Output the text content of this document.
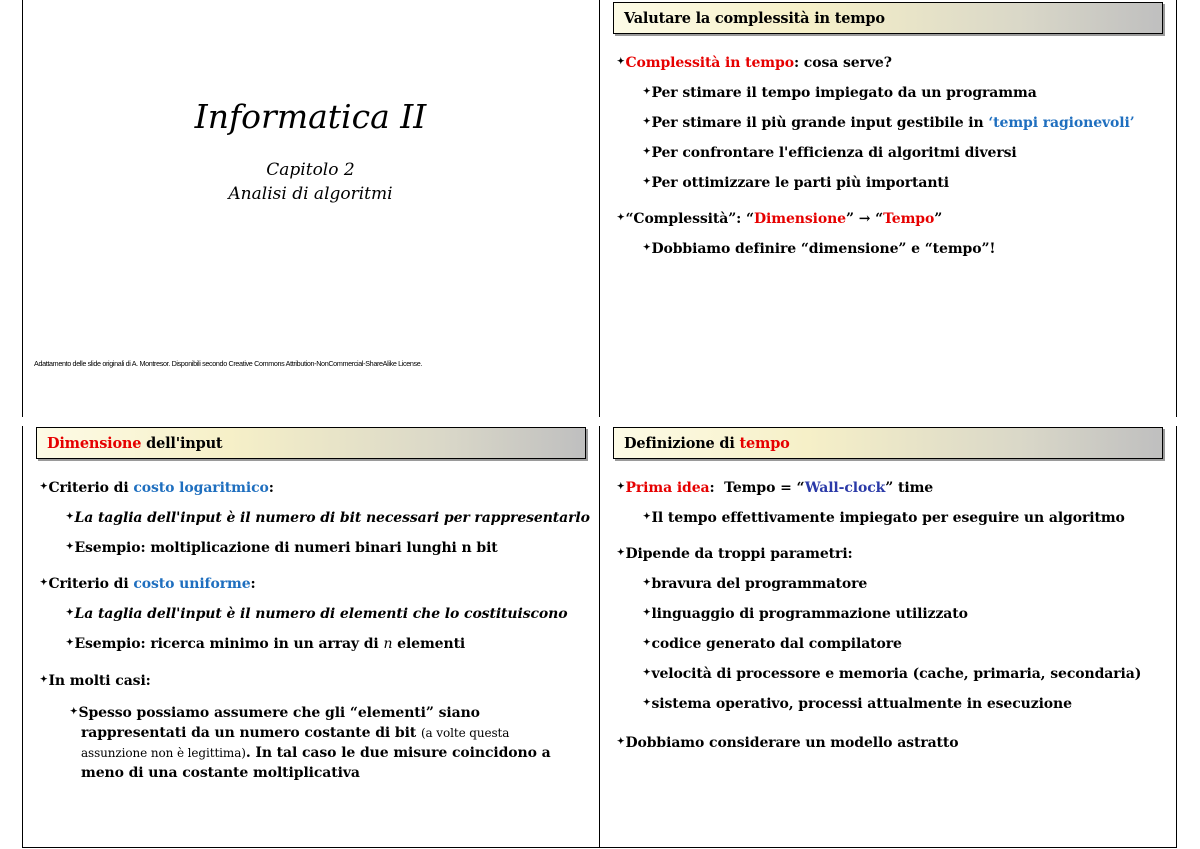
Informatica II
Capitolo 2
Analisi di algoritmi
Adattamento delle slide originali di A. Montresor. Disponibili secondo Creative Commons Attribution-NonCommercial-ShareAlike License.
Valutare la complessità in tempo
✦Complessità in tempo: cosa serve?
✦Per stimare il tempo impiegato da un programma
✦Per stimare il più grande input gestibile in ‘tempi ragionevoli’
✦Per confrontare l'efficienza di algoritmi diversi
✦Per ottimizzare le parti più importanti
✦“Complessità”: “Dimensione” → “Tempo”
✦Dobbiamo definire “dimensione” e “tempo”!
Dimensione dell'input
✦Criterio di costo logaritmico:
✦La taglia dell'input è il numero di bit necessari per rappresentarlo
✦Esempio: moltiplicazione di numeri binari lunghi n bit
✦Criterio di costo uniforme:
✦La taglia dell'input è il numero di elementi che lo costituiscono
✦Esempio: ricerca minimo in un array di n elementi
✦In molti casi:
✦Spesso possiamo assumere che gli “elementi” siano rappresentati da un numero costante di bit (a volte questa assunzione non è legittima). In tal caso le due misure coincidono a meno di una costante moltiplicativa
Definizione di tempo
✦Prima idea:  Tempo = “Wall-clock” time
✦Il tempo effettivamente impiegato per eseguire un algoritmo
✦Dipende da troppi parametri:
✦bravura del programmatore
✦linguaggio di programmazione utilizzato
✦codice generato dal compilatore
✦velocità di processore e memoria (cache, primaria, secondaria)
✦sistema operativo, processi attualmente in esecuzione
✦Dobbiamo considerare un modello astratto
